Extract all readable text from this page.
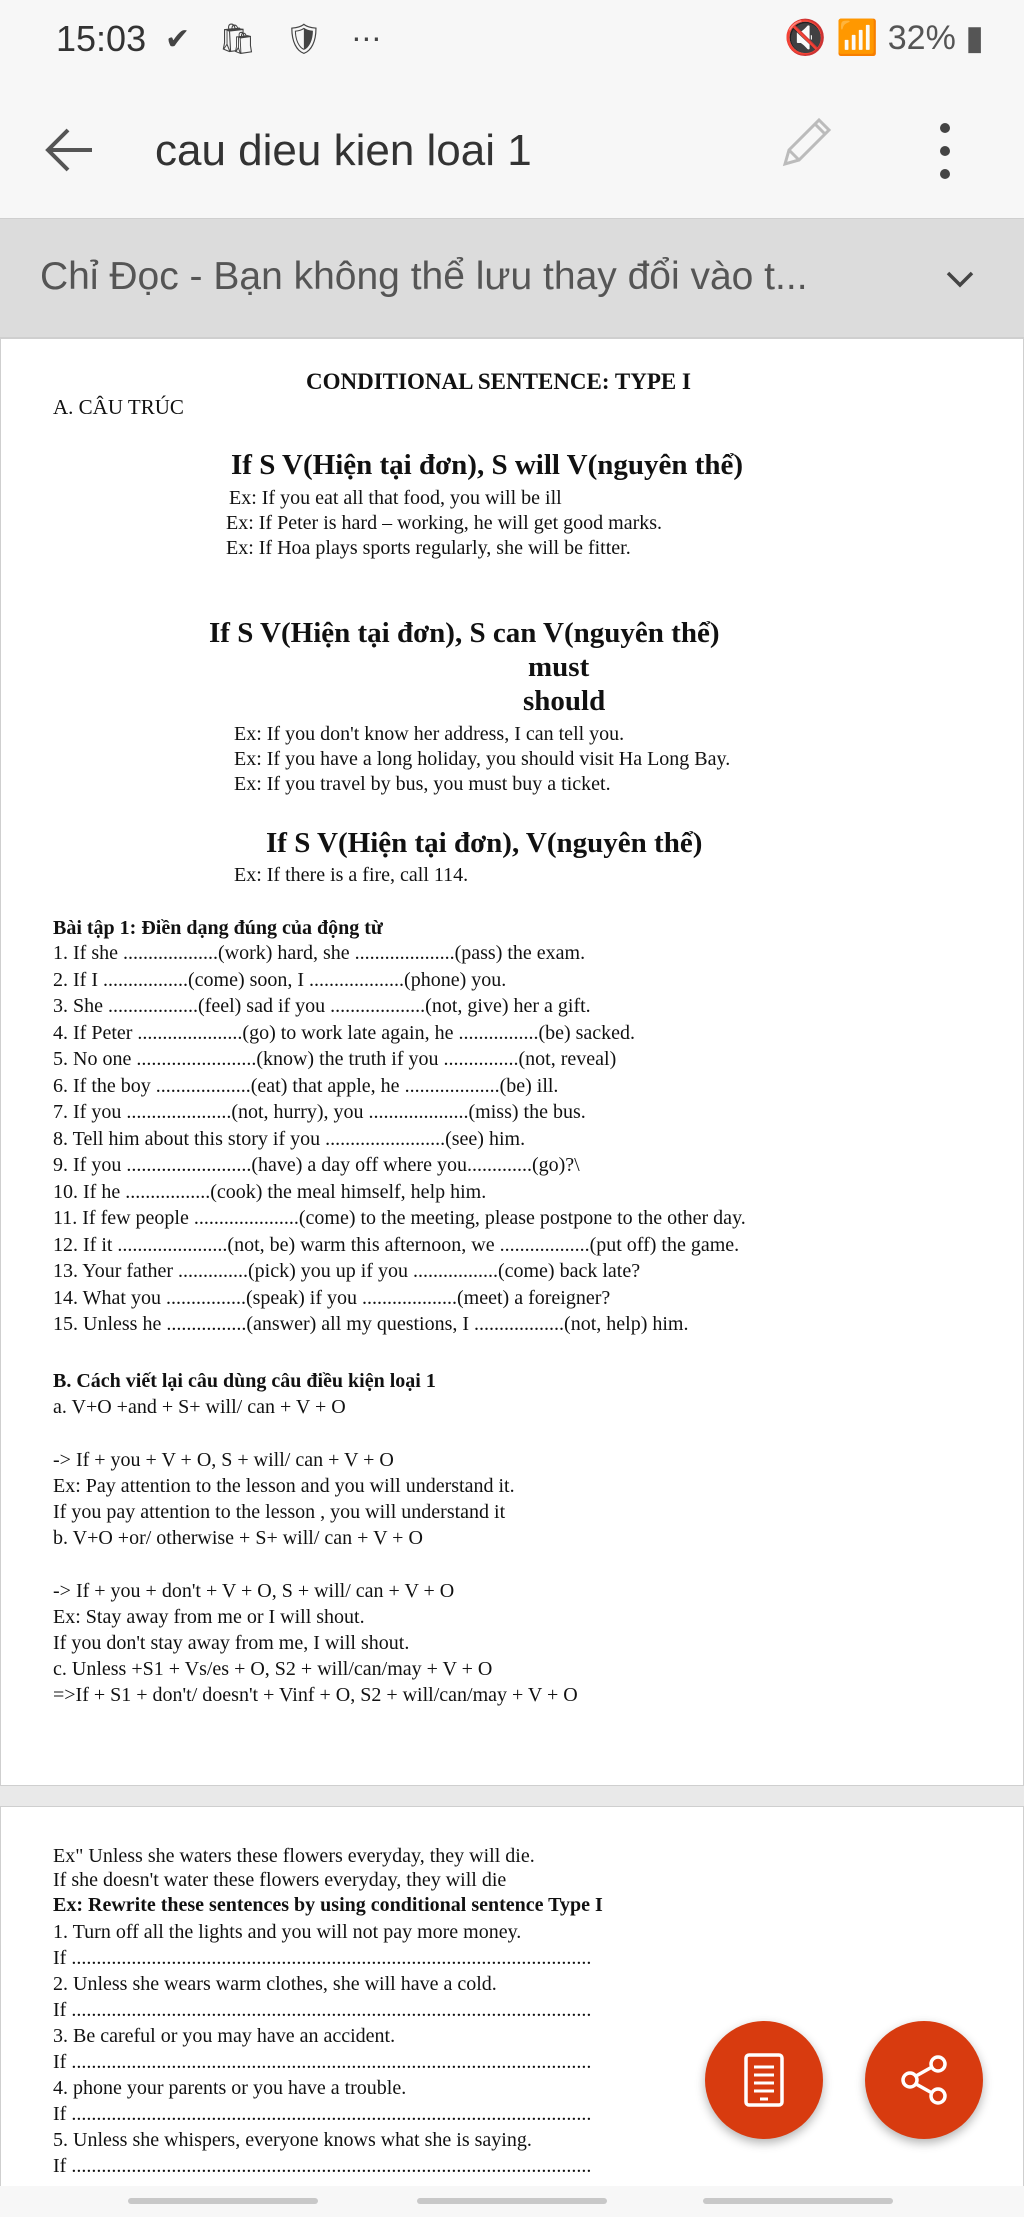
15:03 ✔ 🛍 🛡 ⋯	🔇 📶 32% ▮
cau dieu kien loai 1
Chỉ Đọc - Bạn không thể lưu thay đổi vào t...
CONDITIONAL SENTENCE: TYPE I
A. CÂU TRÚC
If S V(Hiện tại đơn), S will V(nguyên thể)
Ex: If you eat all that food, you will be ill
Ex: If Peter is hard – working, he will get good marks.
Ex: If Hoa plays sports regularly, she will be fitter.
If S V(Hiện tại đơn), S can V(nguyên thể)
must
should
Ex: If you don't know her address, I can tell you.
Ex: If you have a long holiday, you should visit Ha Long Bay.
Ex: If you travel by bus, you must buy a ticket.
If S V(Hiện tại đơn), V(nguyên thể)
Ex: If there is a fire, call 114.
Bài tập 1: Điền dạng đúng của động từ
1. If she ...................(work) hard, she ....................(pass) the exam.
2. If I .................(come) soon, I ...................(phone) you.
3. She ..................(feel) sad if you ...................(not, give) her a gift.
4. If Peter .....................(go) to work late again, he ................(be) sacked.
5. No one ........................(know) the truth if you ...............(not, reveal)
6. If the boy ...................(eat) that apple, he ...................(be) ill.
7. If you .....................(not, hurry), you ....................(miss) the bus.
8. Tell him about this story if you ........................(see) him.
9. If you .........................(have) a day off where you.............(go)?\
10. If he .................(cook) the meal himself, help him.
11. If few people .....................(come) to the meeting, please postpone to the other day.
12. If it ......................(not, be) warm this afternoon, we ..................(put off) the game.
13. Your father ..............(pick) you up if you .................(come) back late?
14. What you ................(speak) if you ...................(meet) a foreigner?
15. Unless he ................(answer) all my questions, I ..................(not, help) him.
B. Cách viết lại câu dùng câu điều kiện loại 1
a. V+O +and + S+ will/ can + V + O
-> If + you + V + O, S + will/ can + V + O
Ex: Pay attention to the lesson and you will understand it.
If you pay attention to the lesson , you will understand it
b. V+O +or/ otherwise + S+ will/ can + V + O
-> If + you + don't + V + O, S + will/ can + V + O
Ex: Stay away from me or I will shout.
If you don't stay away from me, I will shout.
c. Unless +S1 + Vs/es + O, S2 + will/can/may + V + O
=>If + S1 + don't/ doesn't + Vinf + O, S2 + will/can/may + V + O
Ex" Unless she waters these flowers everyday, they will die.
If she doesn't water these flowers everyday, they will die
Ex: Rewrite these sentences by using conditional sentence Type I
1. Turn off all the lights and you will not pay more money.
If ........................................................................................................
2. Unless she wears warm clothes, she will have a cold.
If ........................................................................................................
3. Be careful or you may have an accident.
If ........................................................................................................
4. phone your parents or you have a trouble.
If ........................................................................................................
5. Unless she whispers, everyone knows what she is saying.
If ........................................................................................................
